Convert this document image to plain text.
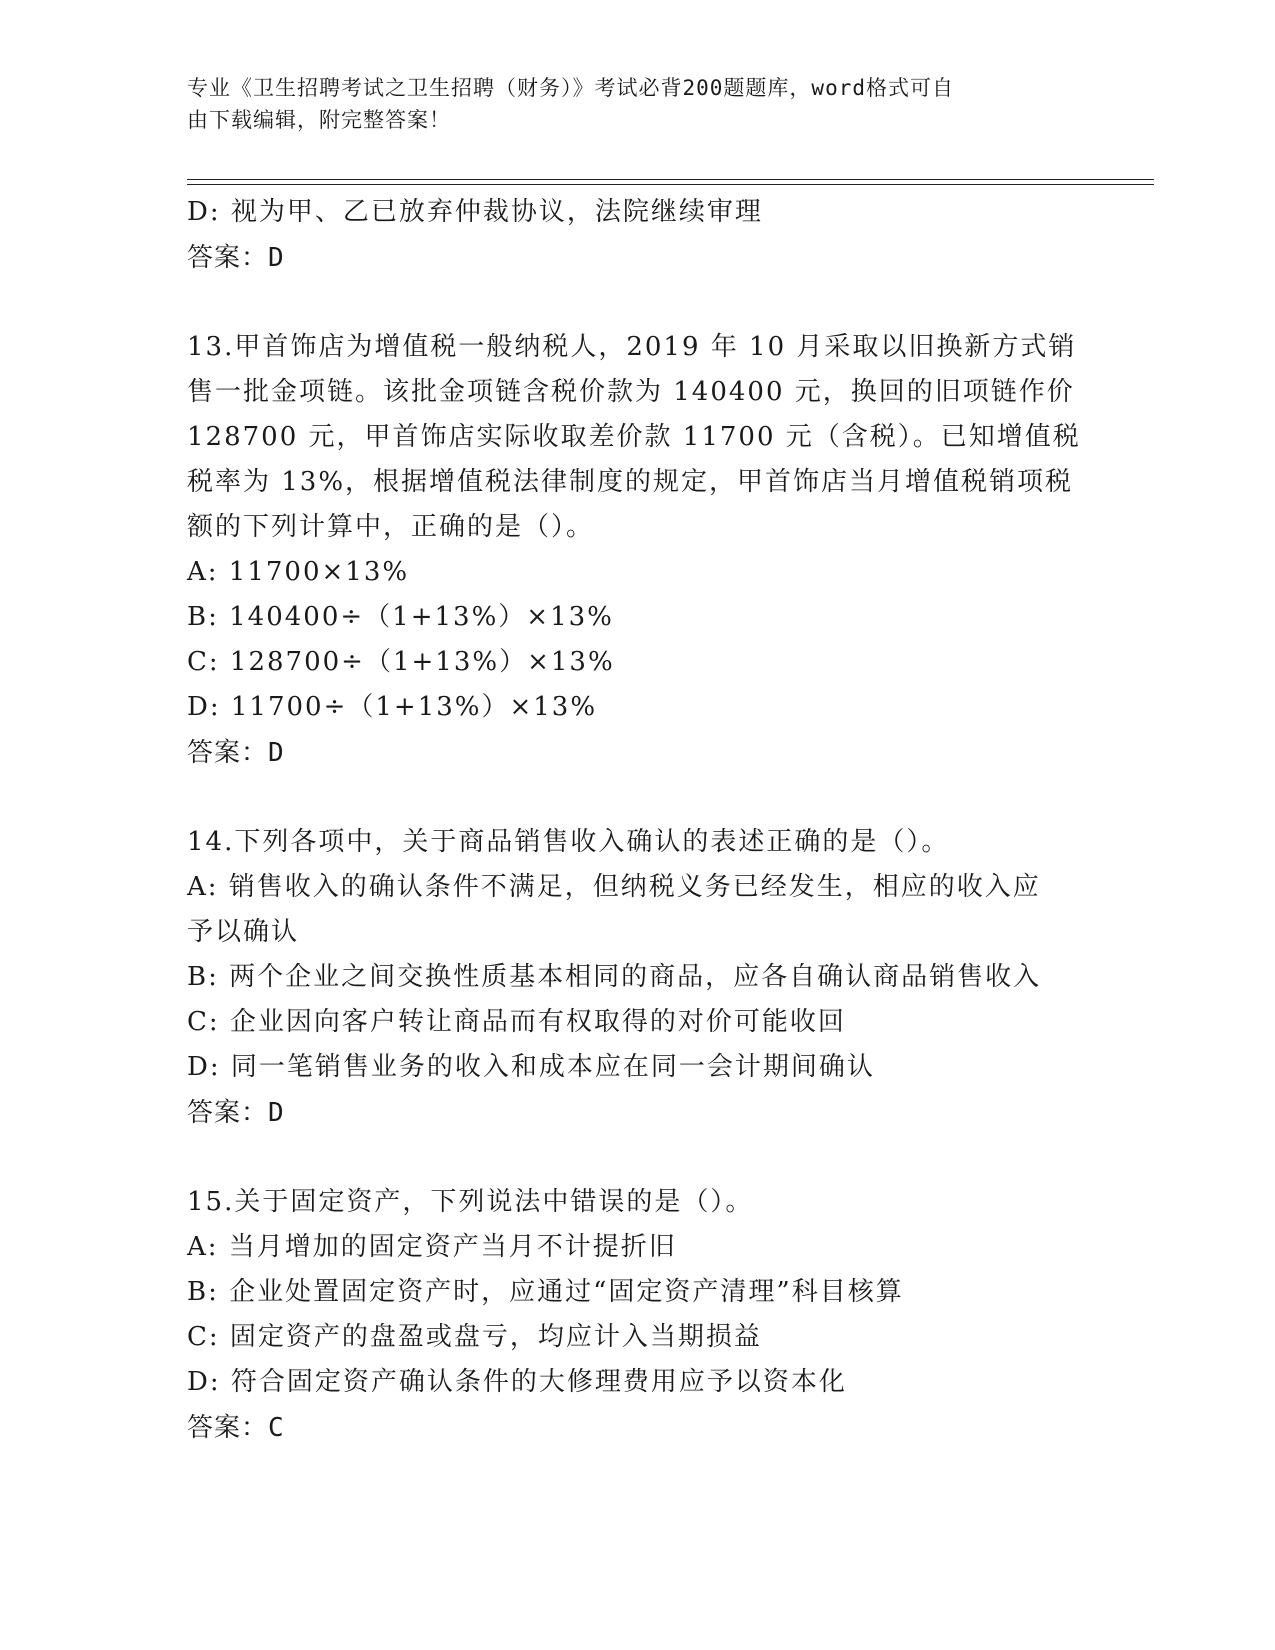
专业《卫生招聘考试之卫生招聘（财务）》考试必背200题题库，word格式可自
由下载编辑，附完整答案！
D: 视为甲、乙已放弃仲裁协议，法院继续审理
答案：D
13.甲首饰店为增值税一般纳税人，2019 年 10 月采取以旧换新方式销
售一批金项链。该批金项链含税价款为 140400 元，换回的旧项链作价
128700 元，甲首饰店实际收取差价款 11700 元（含税）。已知增值税
税率为 13%，根据增值税法律制度的规定，甲首饰店当月增值税销项税
额的下列计算中，正确的是（）。
A: 11700×13%
B: 140400÷（1+13%）×13%
C: 128700÷（1+13%）×13%
D: 11700÷（1+13%）×13%
答案：D
14.下列各项中，关于商品销售收入确认的表述正确的是（）。
A: 销售收入的确认条件不满足，但纳税义务已经发生，相应的收入应
予以确认
B: 两个企业之间交换性质基本相同的商品，应各自确认商品销售收入
C: 企业因向客户转让商品而有权取得的对价可能收回
D: 同一笔销售业务的收入和成本应在同一会计期间确认
答案：D
15.关于固定资产，下列说法中错误的是（）。
A: 当月增加的固定资产当月不计提折旧
B: 企业处置固定资产时，应通过“固定资产清理”科目核算
C: 固定资产的盘盈或盘亏，均应计入当期损益
D: 符合固定资产确认条件的大修理费用应予以资本化
答案：C
